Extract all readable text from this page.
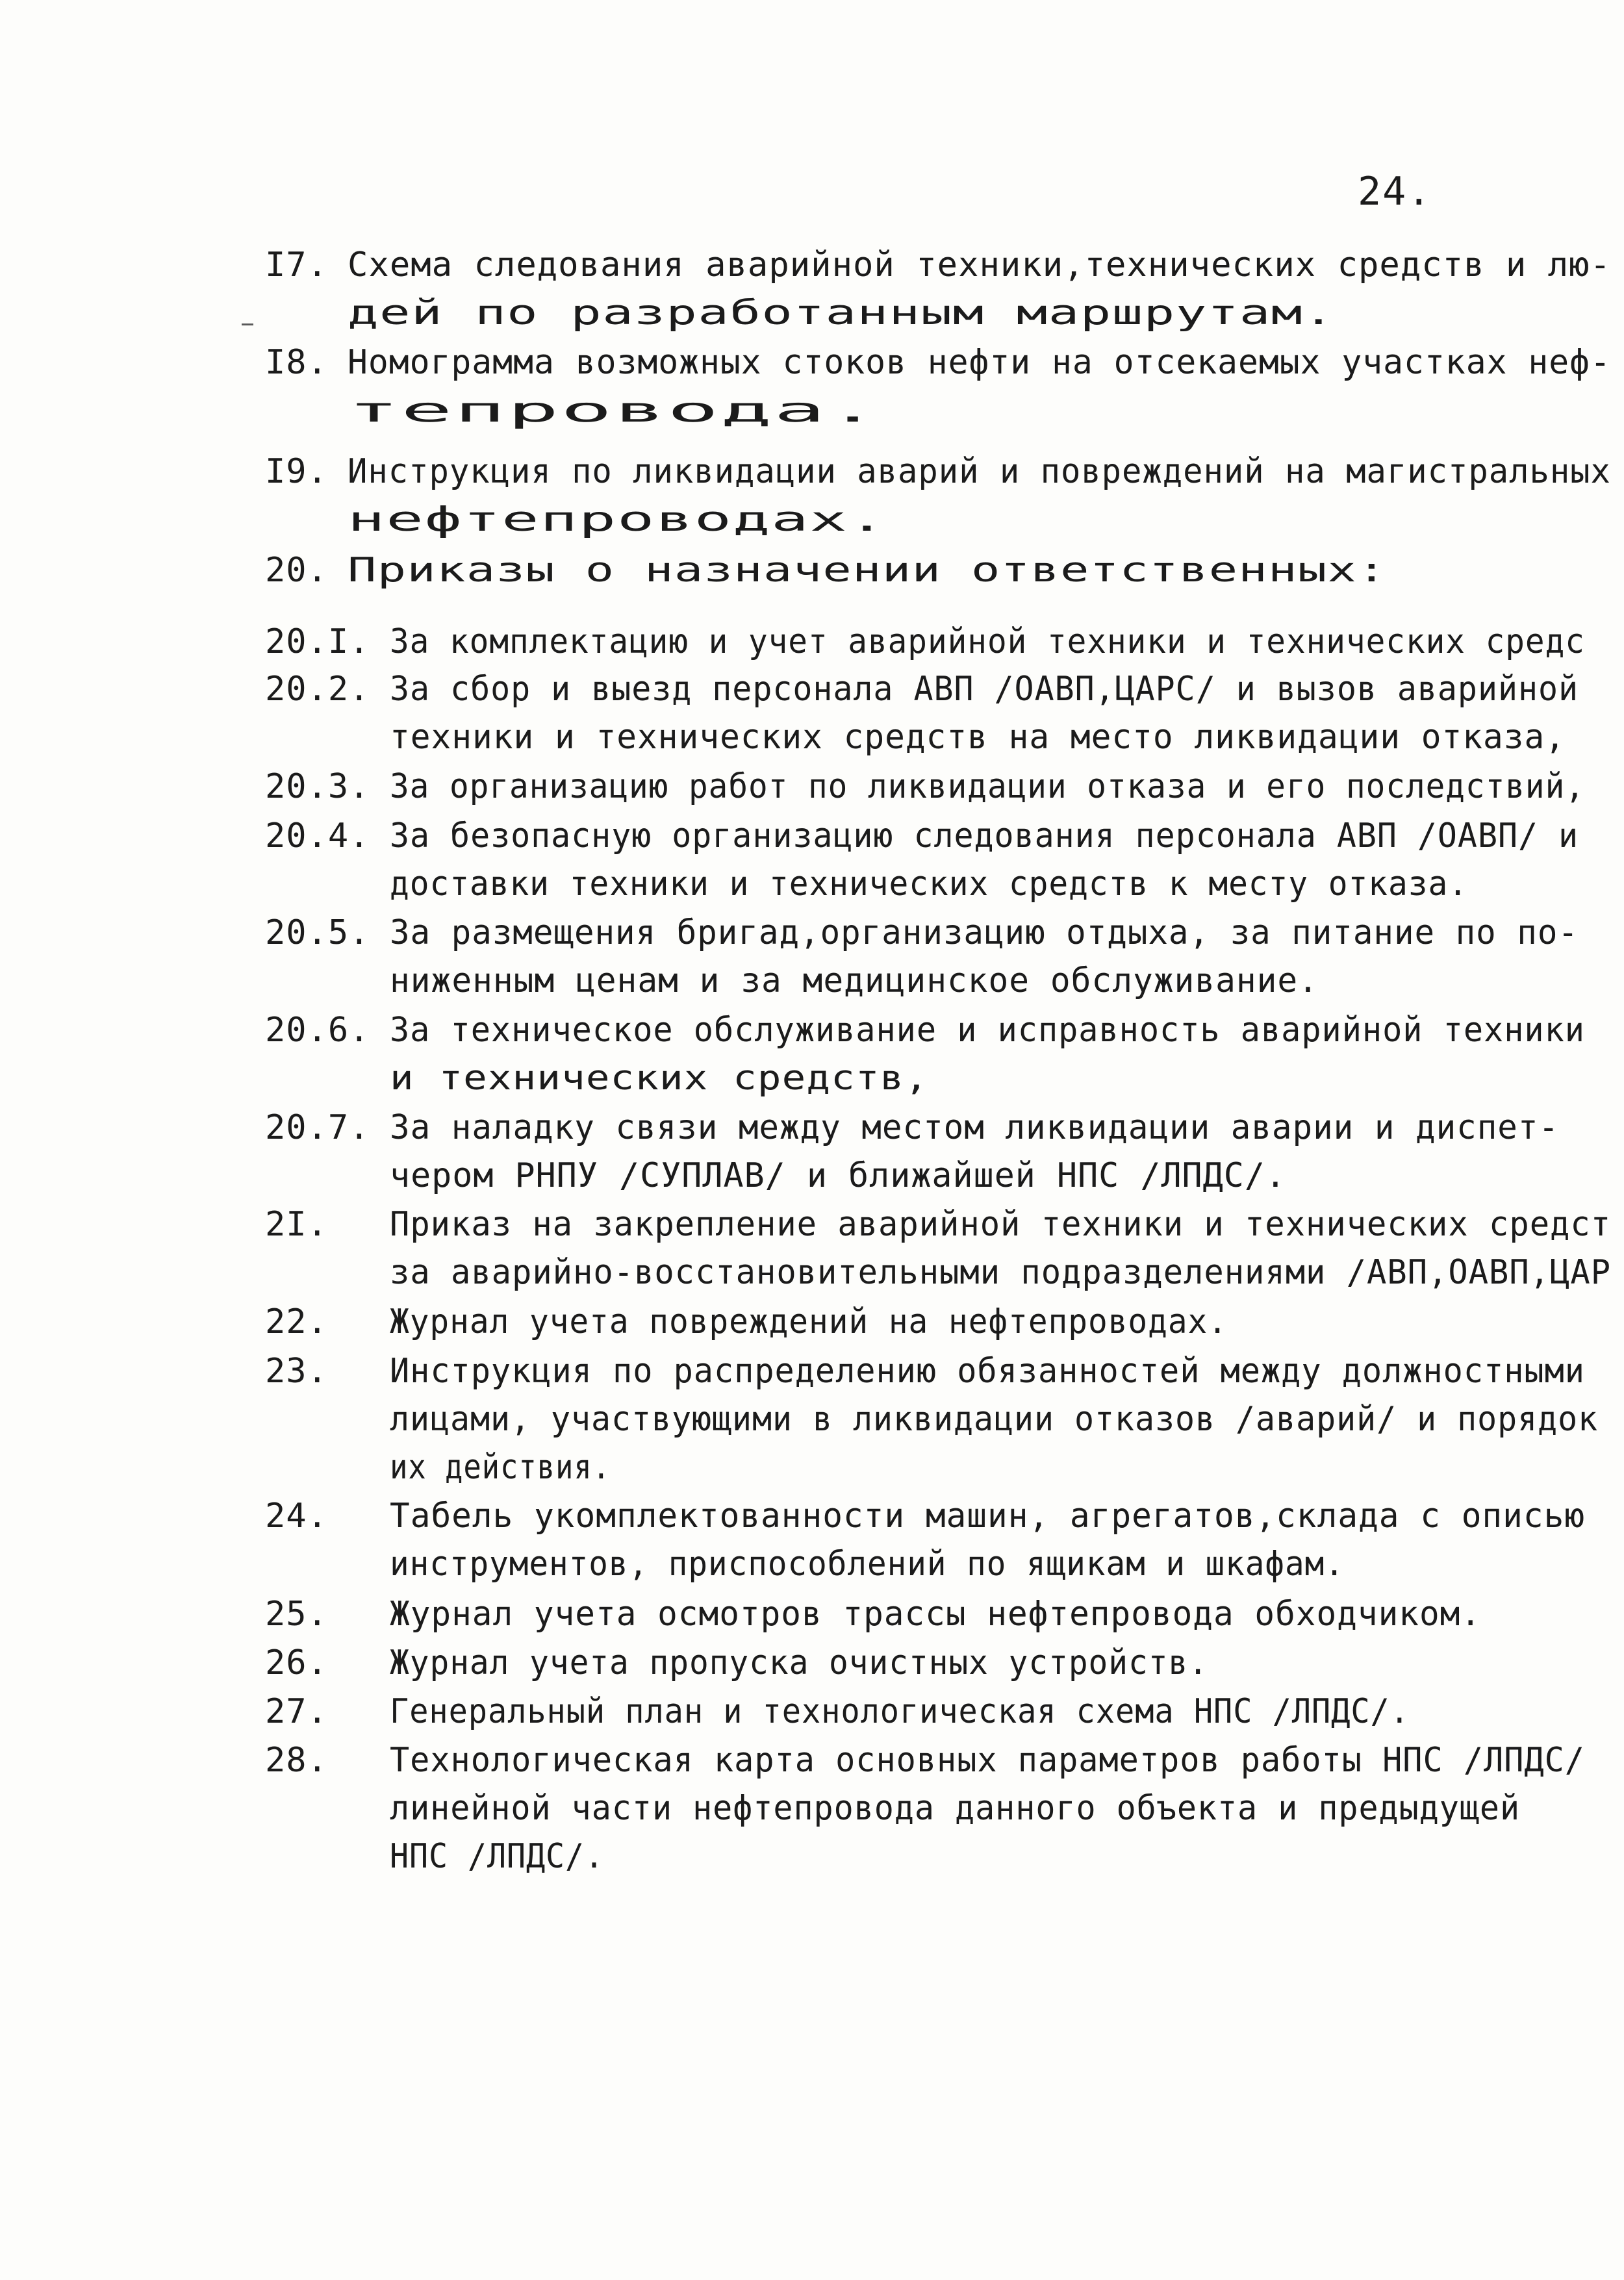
24.
I7. Схема следования аварийной техники,технических средств и лю-
дей по разработанным маршрутам.
I8. Номограмма возможных стоков нефти на отсекаемых участках неф-
тепровода.
I9. Инструкция по ликвидации аварий и повреждений на магистральных
нефтепроводах.
20. Приказы о назначении ответственных:
20.I. За комплектацию и учет аварийной техники и технических средс
20.2. За сбор и выезд персонала АВП /ОАВП,ЦАРС/ и вызов аварийной
техники и технических средств на место ликвидации отказа,
20.3. За организацию работ по ликвидации отказа и его последствий,
20.4. За безопасную организацию следования персонала АВП /ОАВП/ и
доставки техники и технических средств к месту отказа.
20.5. За размещения бригад,организацию отдыха, за питание по по-
ниженным ценам и за медицинское обслуживание.
20.6. За техническое обслуживание и исправность аварийной техники
и технических средств,
20.7. За наладку связи между местом ликвидации аварии и диспет-
чером РНПУ /СУПЛАВ/ и ближайшей НПС /ЛПДС/.
2I. Приказ на закрепление аварийной техники и технических средст
за аварийно-восстановительными подразделениями /АВП,ОАВП,ЦАР
22. Журнал учета повреждений на нефтепроводах.
23. Инструкция по распределению обязанностей между должностными
лицами, участвующими в ликвидации отказов /аварий/ и порядок
их действия.
24. Табель укомплектованности машин, агрегатов,склада с описью
инструментов, приспособлений по ящикам и шкафам.
25. Журнал учета осмотров трассы нефтепровода обходчиком.
26. Журнал учета пропуска очистных устройств.
27. Генеральный план и технологическая схема НПС /ЛПДС/.
28. Технологическая карта основных параметров работы НПС /ЛПДС/
линейной части нефтепровода данного объекта и предыдущей
НПС /ЛПДС/.
